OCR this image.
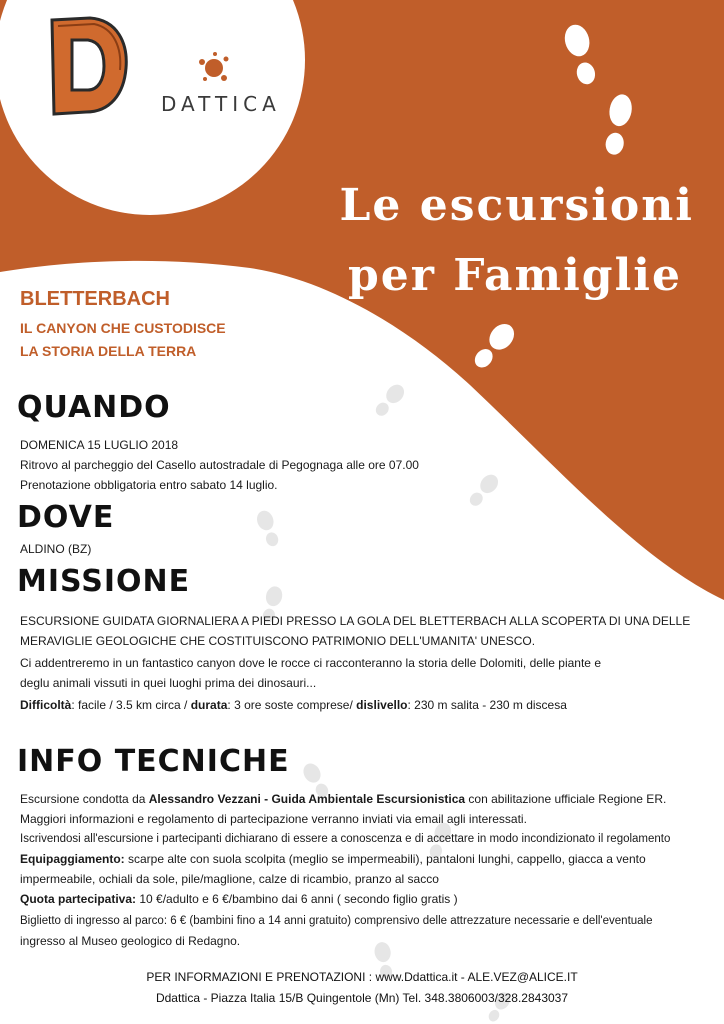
DATTICA
Le escursioni
per Famiglie
BLETTERBACH
IL CANYON CHE CUSTODISCE
LA STORIA DELLA TERRA
QUANDO
DOMENICA 15 LUGLIO 2018
Ritrovo al parcheggio del Casello autostradale di Pegognaga alle ore 07.00
Prenotazione obbligatoria entro sabato 14 luglio.
DOVE
ALDINO (BZ)
MISSIONE
ESCURSIONE GUIDATA GIORNALIERA A PIEDI PRESSO LA GOLA DEL BLETTERBACH ALLA SCOPERTA DI UNA DELLE
MERAVIGLIE GEOLOGICHE CHE COSTITUISCONO PATRIMONIO DELL'UMANITA' UNESCO.
Ci addentreremo in un fantastico canyon dove le rocce ci racconteranno la storia delle Dolomiti, delle piante e
deglu animali vissuti in quei luoghi prima dei dinosauri...
Difficoltà: facile / 3.5 km circa / durata: 3 ore soste comprese/ dislivello: 230 m salita - 230 m discesa
INFO TECNICHE
Escursione condotta da Alessandro Vezzani - Guida Ambientale Escursionistica con abilitazione ufficiale Regione ER.
Maggiori informazioni e regolamento di partecipazione verranno inviati via email agli interessati.
Iscrivendosi all'escursione i partecipanti dichiarano di essere a conoscenza e di accettare in modo incondizionato il regolamento
Equipaggiamento: scarpe alte con suola scolpita (meglio se impermeabili), pantaloni lunghi, cappello, giacca a vento
impermeabile, ochiali da sole, pile/maglione, calze di ricambio, pranzo al sacco
Quota partecipativa: 10 €/adulto e 6 €/bambino dai 6 anni ( secondo figlio gratis )
Biglietto di ingresso al parco: 6 € (bambini fino a 14 anni gratuito) comprensivo delle attrezzature necessarie e dell'eventuale
ingresso al Museo geologico di Redagno.
PER INFORMAZIONI E PRENOTAZIONI : www.Ddattica.it - ALE.VEZ@ALICE.IT
Ddattica - Piazza Italia 15/B Quingentole (Mn) Tel. 348.3806003/328.2843037
